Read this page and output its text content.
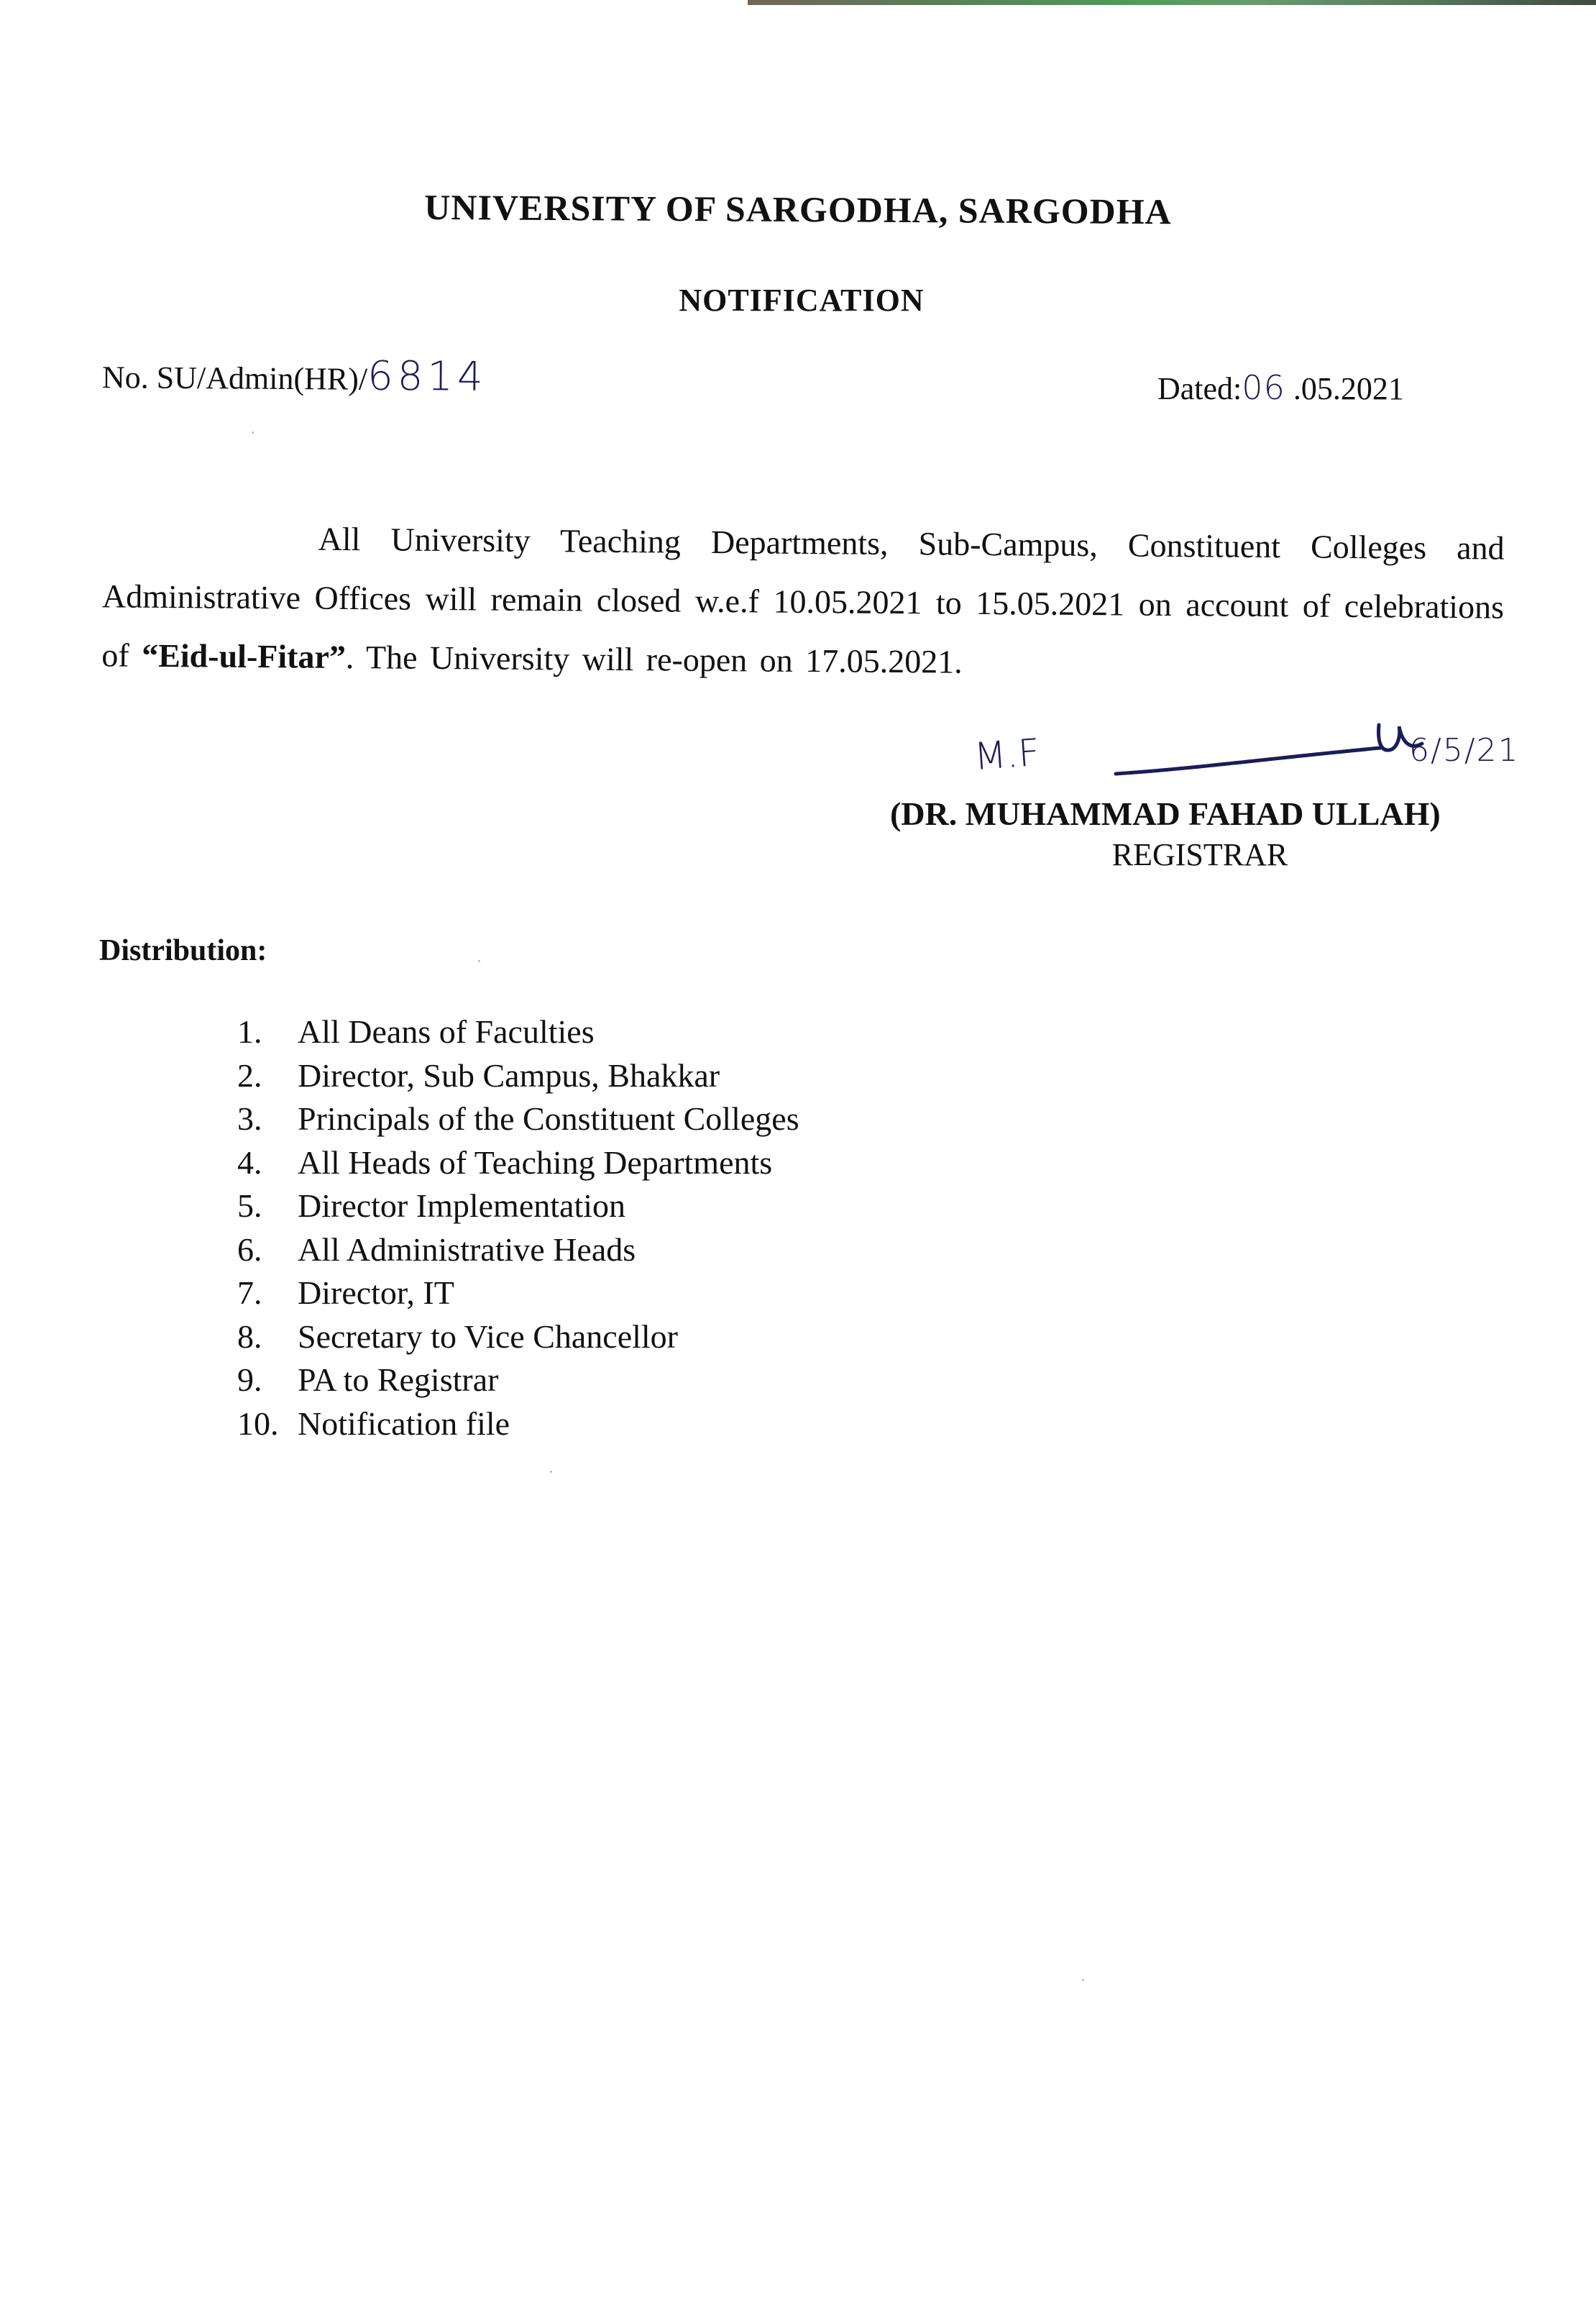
UNIVERSITY OF SARGODHA, SARGODHA
NOTIFICATION
No. SU/Admin(HR)/6814	Dated:06 .05.2021

All University Teaching Departments, Sub-Campus, Constituent Colleges and Administrative Offices will remain closed w.e.f 10.05.2021 to 15.05.2021 on account of celebrations of “Eid-ul-Fitar”. The University will re-open on 17.05.2021.

M.F	6/5/21
(DR. MUHAMMAD FAHAD ULLAH)
REGISTRAR
Distribution:
1.	All Deans of Faculties
2.	Director, Sub Campus, Bhakkar
3.	Principals of the Constituent Colleges
4.	All Heads of Teaching Departments
5.	Director Implementation
6.	All Administrative Heads
7.	Director, IT
8.	Secretary to Vice Chancellor
9.	PA to Registrar
10. Notification file
